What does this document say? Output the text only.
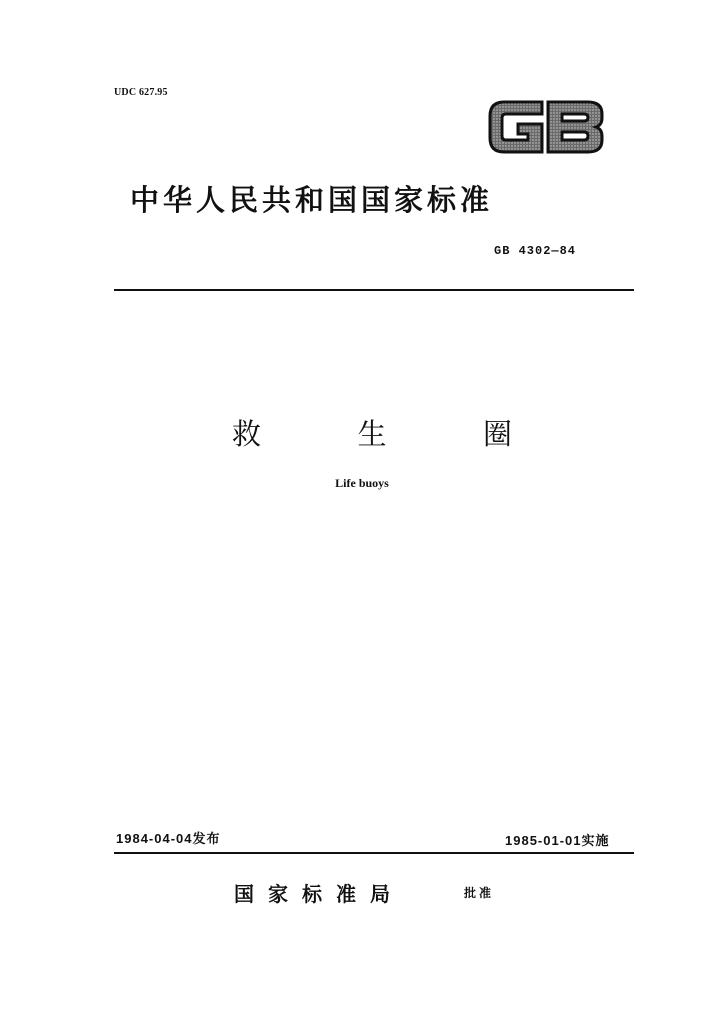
UDC 627.95
中华人民共和国国家标准
GB 4302—84
救	生	圈
Life buoys
1984-04-04发布	1985-01-01实施
国家标准局	批准
